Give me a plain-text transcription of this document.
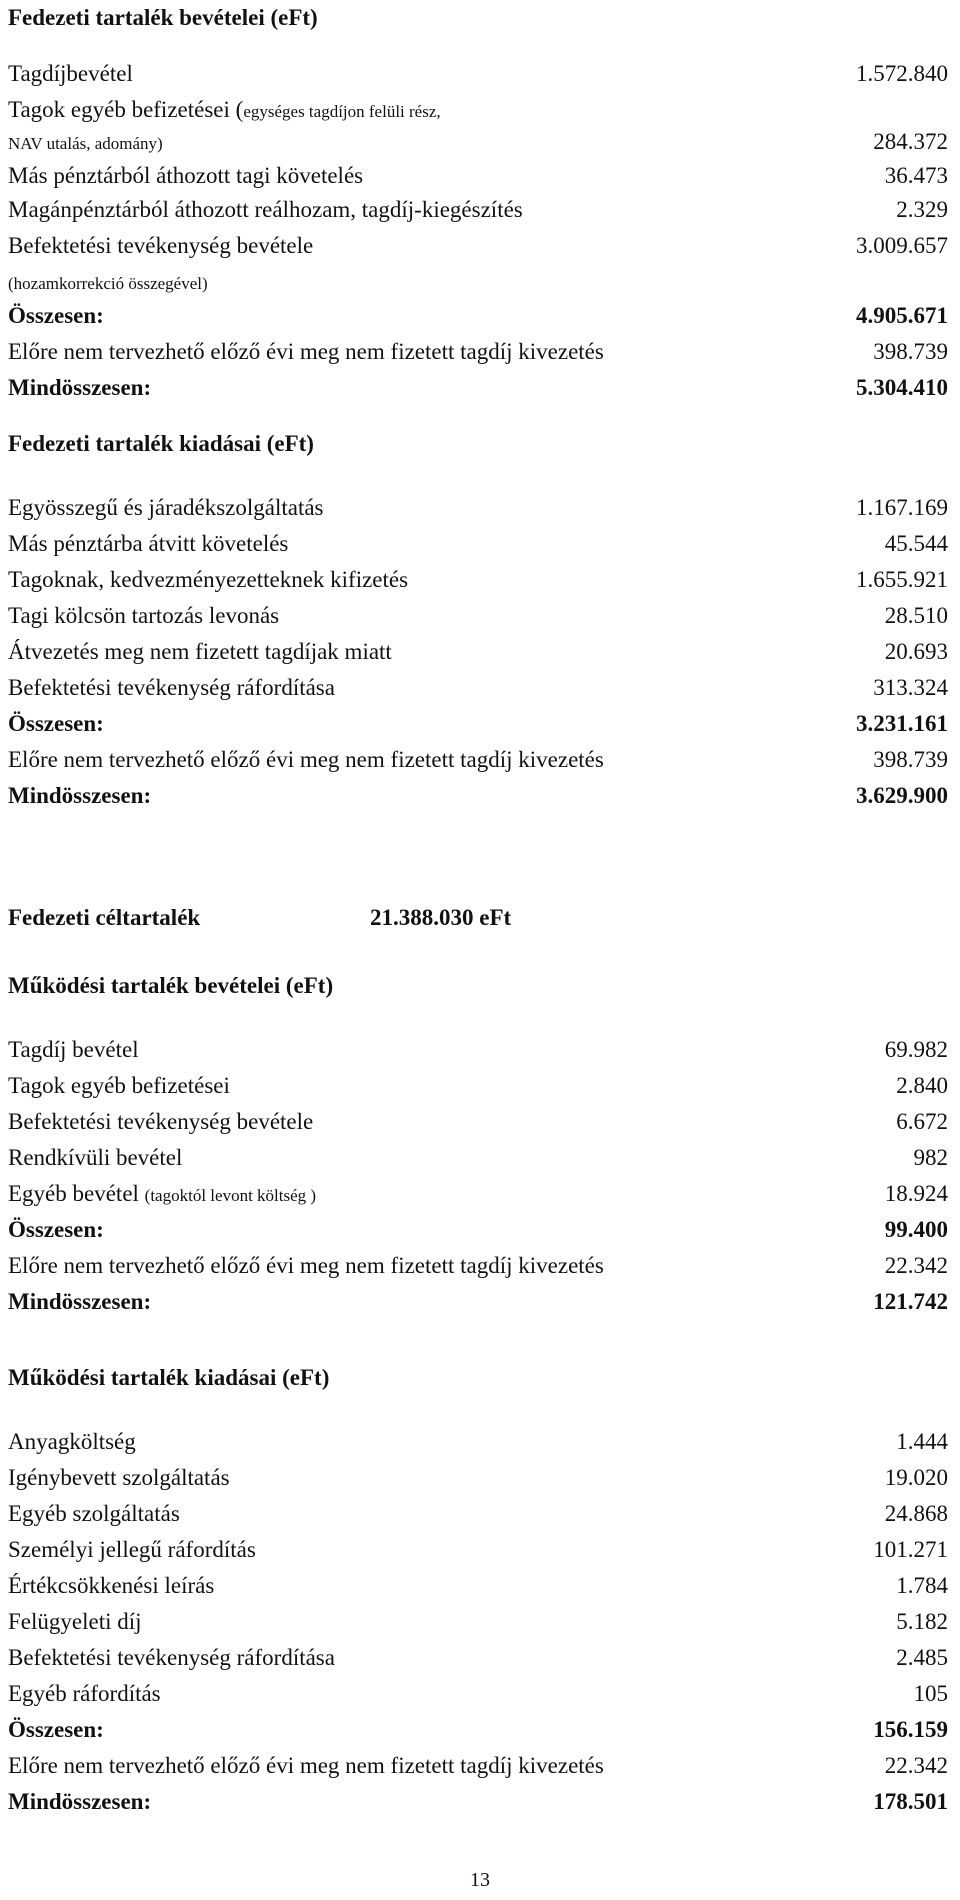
Fedezeti tartalék bevételei (eFt)
Tagdíjbevétel	1.572.840
Tagok egyéb befizetései (egységes tagdíjon felüli rész,
NAV utalás, adomány)	284.372
Más pénztárból áthozott tagi követelés	36.473
Magánpénztárból áthozott reálhozam, tagdíj-kiegészítés	2.329
Befektetési tevékenység bevétele	3.009.657
(hozamkorrekció összegével)
Összesen:	4.905.671
Előre nem tervezhető előző évi meg nem fizetett tagdíj kivezetés	398.739
Mindösszesen:	5.304.410
Fedezeti tartalék kiadásai (eFt)
Egyösszegű és járadékszolgáltatás	1.167.169
Más pénztárba átvitt követelés	45.544
Tagoknak, kedvezményezetteknek kifizetés	1.655.921
Tagi kölcsön tartozás levonás	28.510
Átvezetés meg nem fizetett tagdíjak miatt	20.693
Befektetési tevékenység ráfordítása	313.324
Összesen:	3.231.161
Előre nem tervezhető előző évi meg nem fizetett tagdíj kivezetés	398.739
Mindösszesen:	3.629.900
Fedezeti céltartalék	21.388.030 eFt
Működési tartalék bevételei (eFt)
Tagdíj bevétel	69.982
Tagok egyéb befizetései	2.840
Befektetési tevékenység bevétele	6.672
Rendkívüli bevétel	982
Egyéb bevétel (tagoktól levont költség )	18.924
Összesen:	99.400
Előre nem tervezhető előző évi meg nem fizetett tagdíj kivezetés	22.342
Mindösszesen:	121.742
Működési tartalék kiadásai (eFt)
Anyagköltség	1.444
Igénybevett szolgáltatás	19.020
Egyéb szolgáltatás	24.868
Személyi jellegű ráfordítás	101.271
Értékcsökkenési leírás	1.784
Felügyeleti díj	5.182
Befektetési tevékenység ráfordítása	2.485
Egyéb ráfordítás	105
Összesen:	156.159
Előre nem tervezhető előző évi meg nem fizetett tagdíj kivezetés	22.342
Mindösszesen:	178.501
13
